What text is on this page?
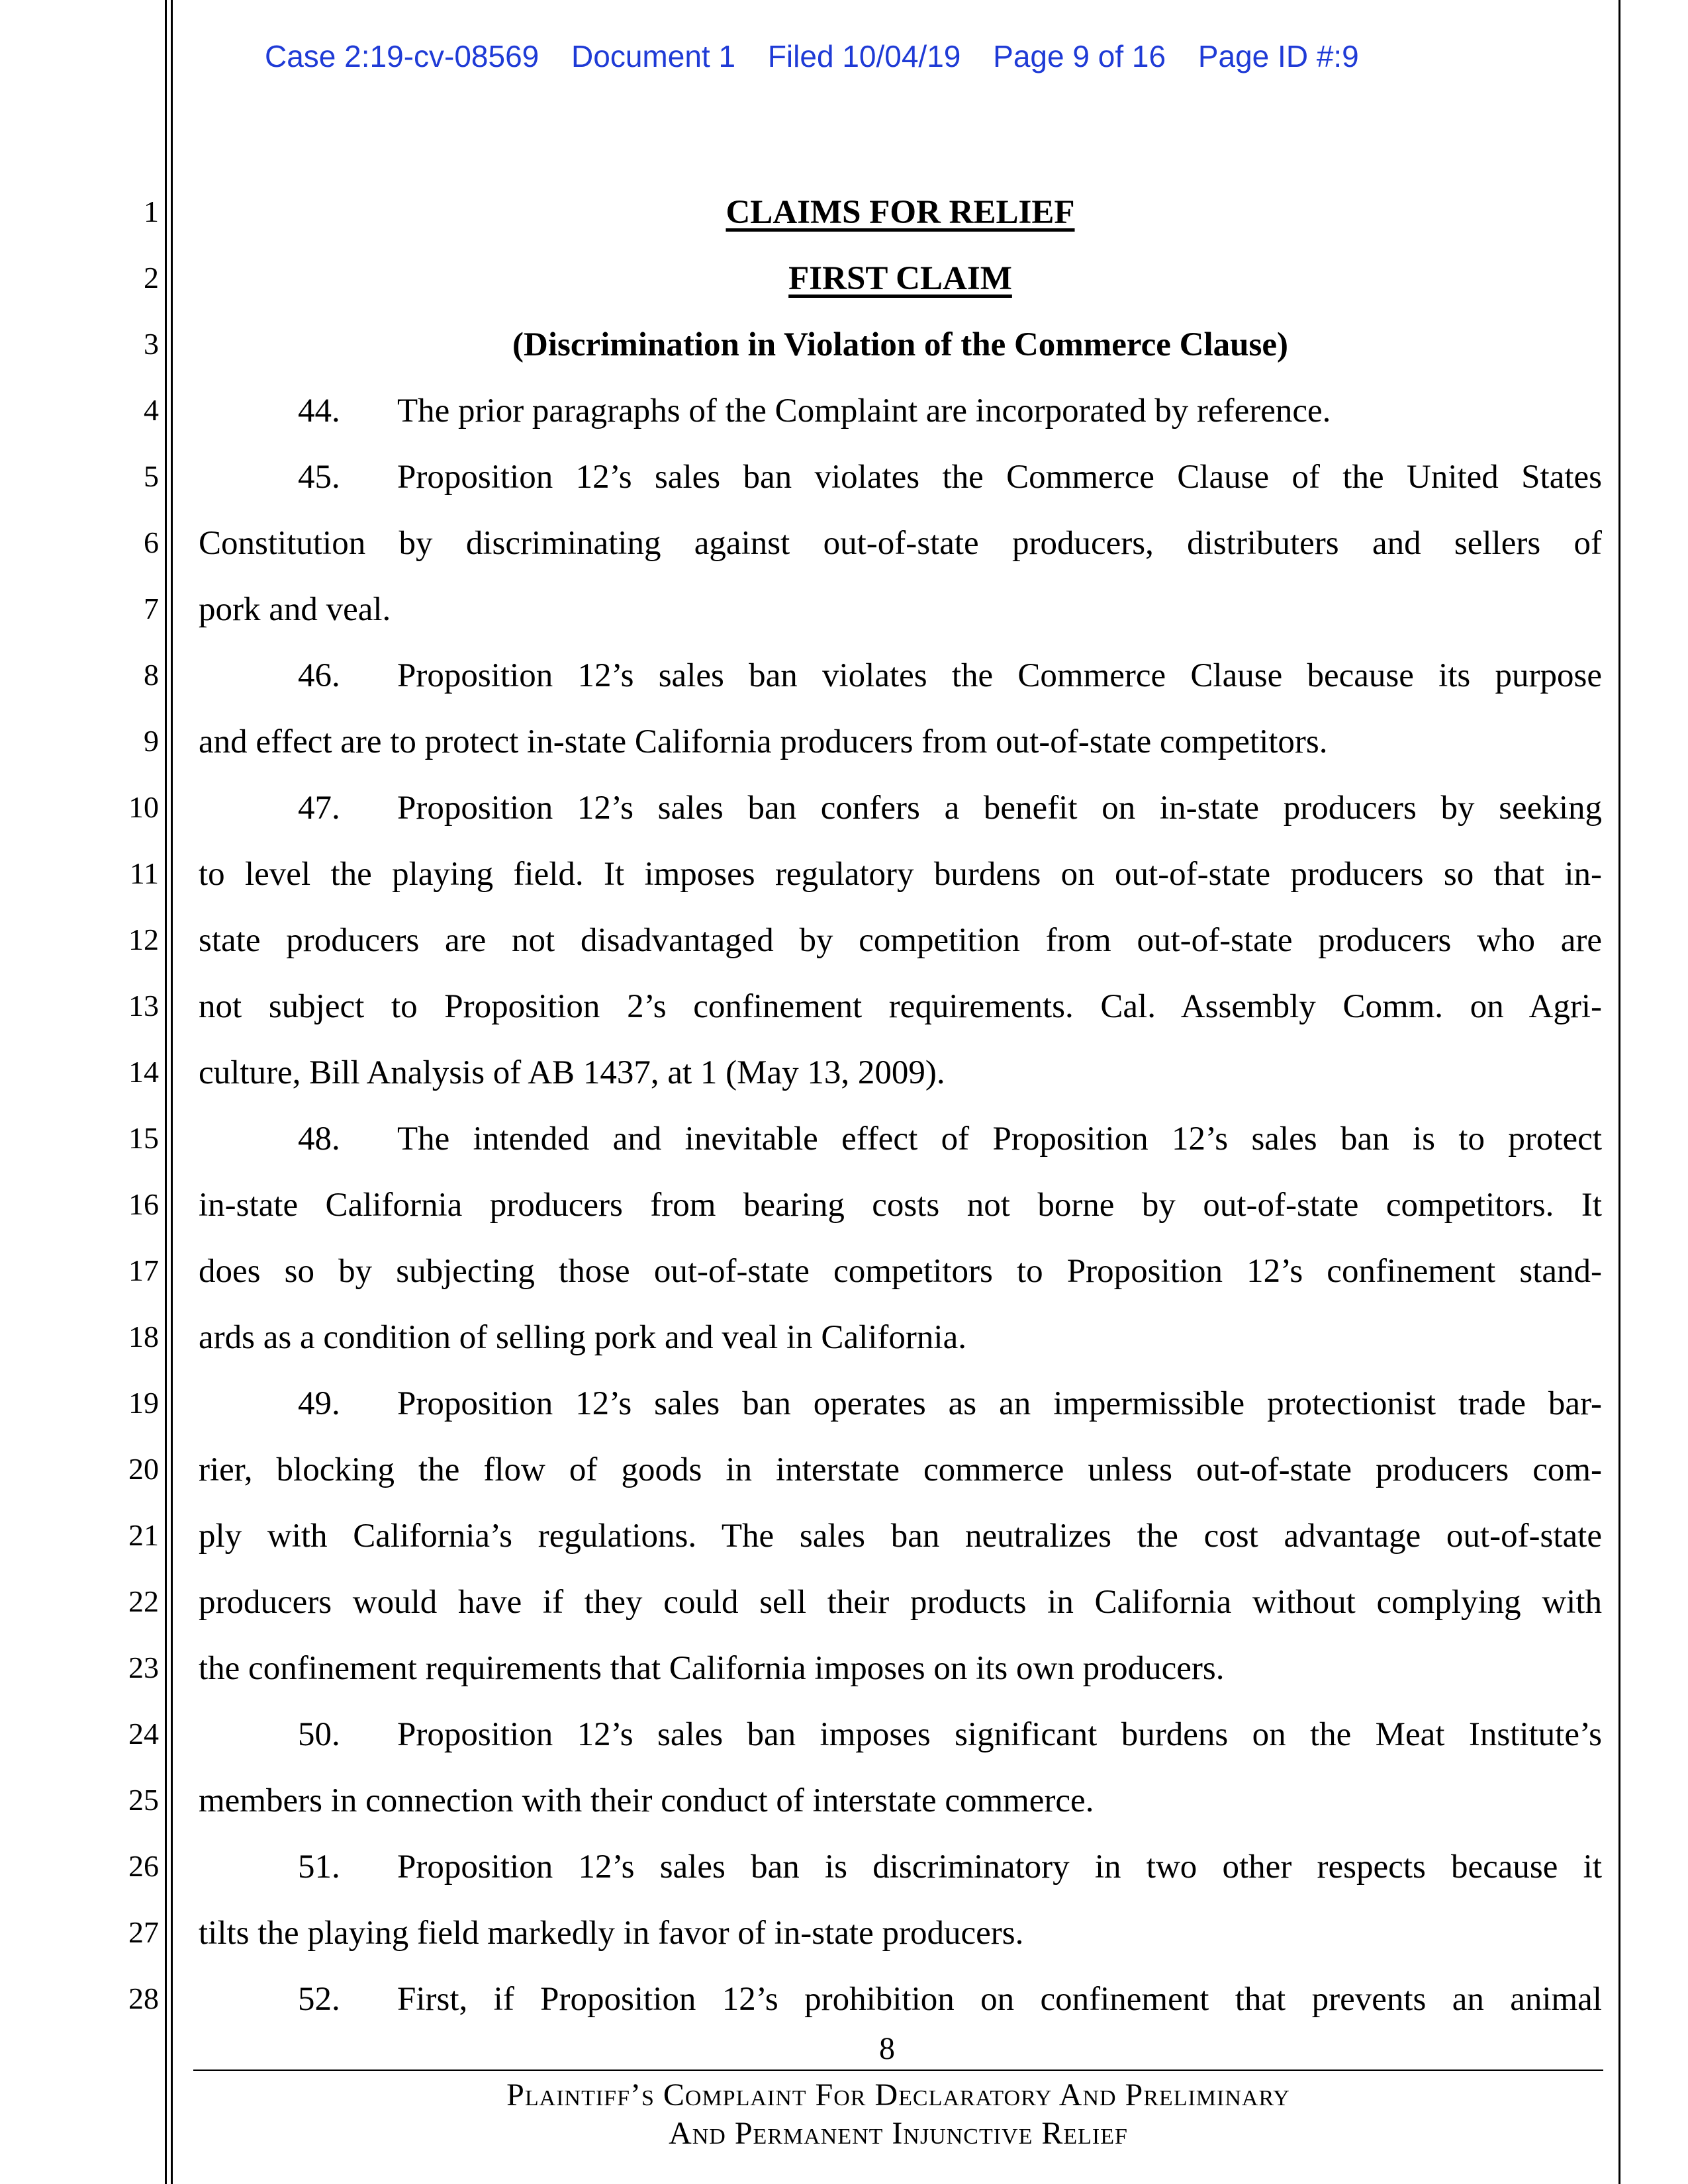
Case 2:19-cv-08569 Document 1 Filed 10/04/19 Page 9 of 16 Page ID #:9
1
2
3
4
5
6
7
8
9
10
11
12
13
14
15
16
17
18
19
20
21
22
23
24
25
26
27
28
CLAIMS FOR RELIEF
FIRST CLAIM
(Discrimination in Violation of the Commerce Clause)
44. The prior paragraphs of the Complaint are incorporated by reference.
45. Proposition 12’s sales ban violates the Commerce Clause of the United States
Constitution by discriminating against out-of-state producers, distributers and sellers of
pork and veal.
46. Proposition 12’s sales ban violates the Commerce Clause because its purpose
and effect are to protect in-state California producers from out-of-state competitors.
47. Proposition 12’s sales ban confers a benefit on in-state producers by seeking
to level the playing field. It imposes regulatory burdens on out-of-state producers so that in-
state producers are not disadvantaged by competition from out-of-state producers who are
not subject to Proposition 2’s confinement requirements. Cal. Assembly Comm. on Agri-
culture, Bill Analysis of AB 1437, at 1 (May 13, 2009).
48. The intended and inevitable effect of Proposition 12’s sales ban is to protect
in-state California producers from bearing costs not borne by out-of-state competitors. It
does so by subjecting those out-of-state competitors to Proposition 12’s confinement stand-
ards as a condition of selling pork and veal in California.
49. Proposition 12’s sales ban operates as an impermissible protectionist trade bar-
rier, blocking the flow of goods in interstate commerce unless out-of-state producers com-
ply with California’s regulations. The sales ban neutralizes the cost advantage out-of-state
producers would have if they could sell their products in California without complying with
the confinement requirements that California imposes on its own producers.
50. Proposition 12’s sales ban imposes significant burdens on the Meat Institute’s
members in connection with their conduct of interstate commerce.
51. Proposition 12’s sales ban is discriminatory in two other respects because it
tilts the playing field markedly in favor of in-state producers.
52. First, if Proposition 12’s prohibition on confinement that prevents an animal
8
Plaintiff’s Complaint For Declaratory And Preliminary
And Permanent Injunctive Relief
